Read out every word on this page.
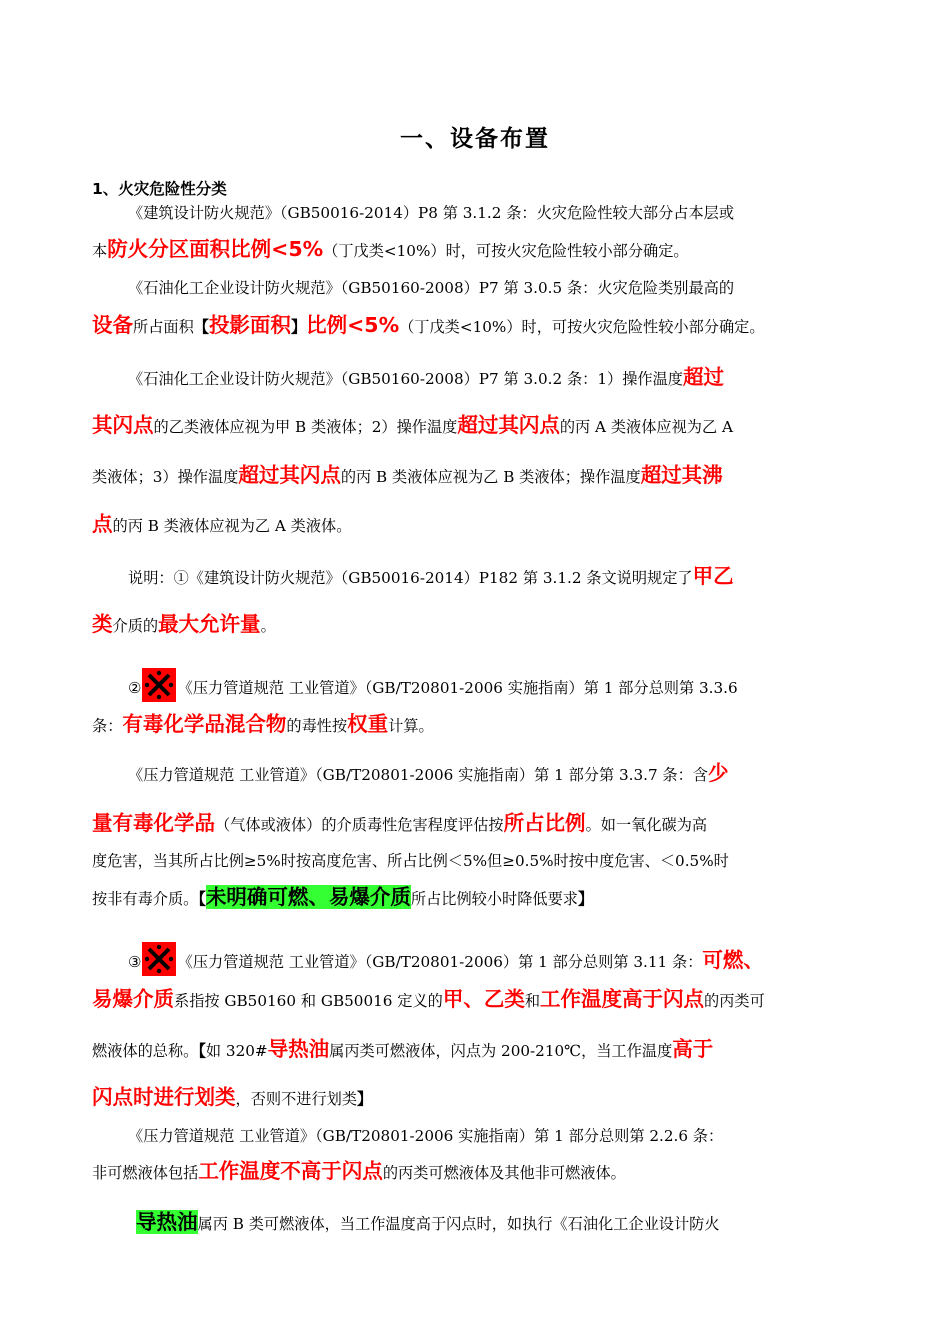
一、设备布置
1、火灾危险性分类
《建筑设计防火规范》（GB50016-2014）P8 第 3.1.2 条：火灾危险性较大部分占本层或
本防火分区面积比例<5%（丁戊类<10%）时，可按火灾危险性较小部分确定。
《石油化工企业设计防火规范》（GB50160-2008）P7 第 3.0.5 条：火灾危险类别最高的
设备所占面积【投影面积】比例<5%（丁戊类<10%）时，可按火灾危险性较小部分确定。
《石油化工企业设计防火规范》（GB50160-2008）P7 第 3.0.2 条：1）操作温度超过
其闪点的乙类液体应视为甲 B 类液体；2）操作温度超过其闪点的丙 A 类液体应视为乙 A
类液体；3）操作温度超过其闪点的丙 B 类液体应视为乙 B 类液体；操作温度超过其沸
点的丙 B 类液体应视为乙 A 类液体。
说明：①《建筑设计防火规范》（GB50016-2014）P182 第 3.1.2 条文说明规定了甲乙
类介质的最大允许量。
② 《压力管道规范 工业管道》（GB/T20801-2006 实施指南）第 1 部分总则第 3.3.6
条：有毒化学品混合物的毒性按权重计算。
《压力管道规范 工业管道》（GB/T20801-2006 实施指南）第 1 部分第 3.3.7 条：含少
量有毒化学品（气体或液体）的介质毒性危害程度评估按所占比例。如一氧化碳为高
度危害，当其所占比例≥5%时按高度危害、所占比例＜5%但≥0.5%时按中度危害、＜0.5%时
按非有毒介质。【未明确可燃、易爆介质所占比例较小时降低要求】
③ 《压力管道规范 工业管道》（GB/T20801-2006）第 1 部分总则第 3.11 条：可燃、
易爆介质系指按 GB50160 和 GB50016 定义的甲、乙类和工作温度高于闪点的丙类可
燃液体的总称。【如 320#导热油属丙类可燃液体，闪点为 200-210℃，当工作温度高于
闪点时进行划类，否则不进行划类】
《压力管道规范 工业管道》（GB/T20801-2006 实施指南）第 1 部分总则第 2.2.6 条：
非可燃液体包括工作温度不高于闪点的丙类可燃液体及其他非可燃液体。
导热油属丙 B 类可燃液体，当工作温度高于闪点时，如执行《石油化工企业设计防火
